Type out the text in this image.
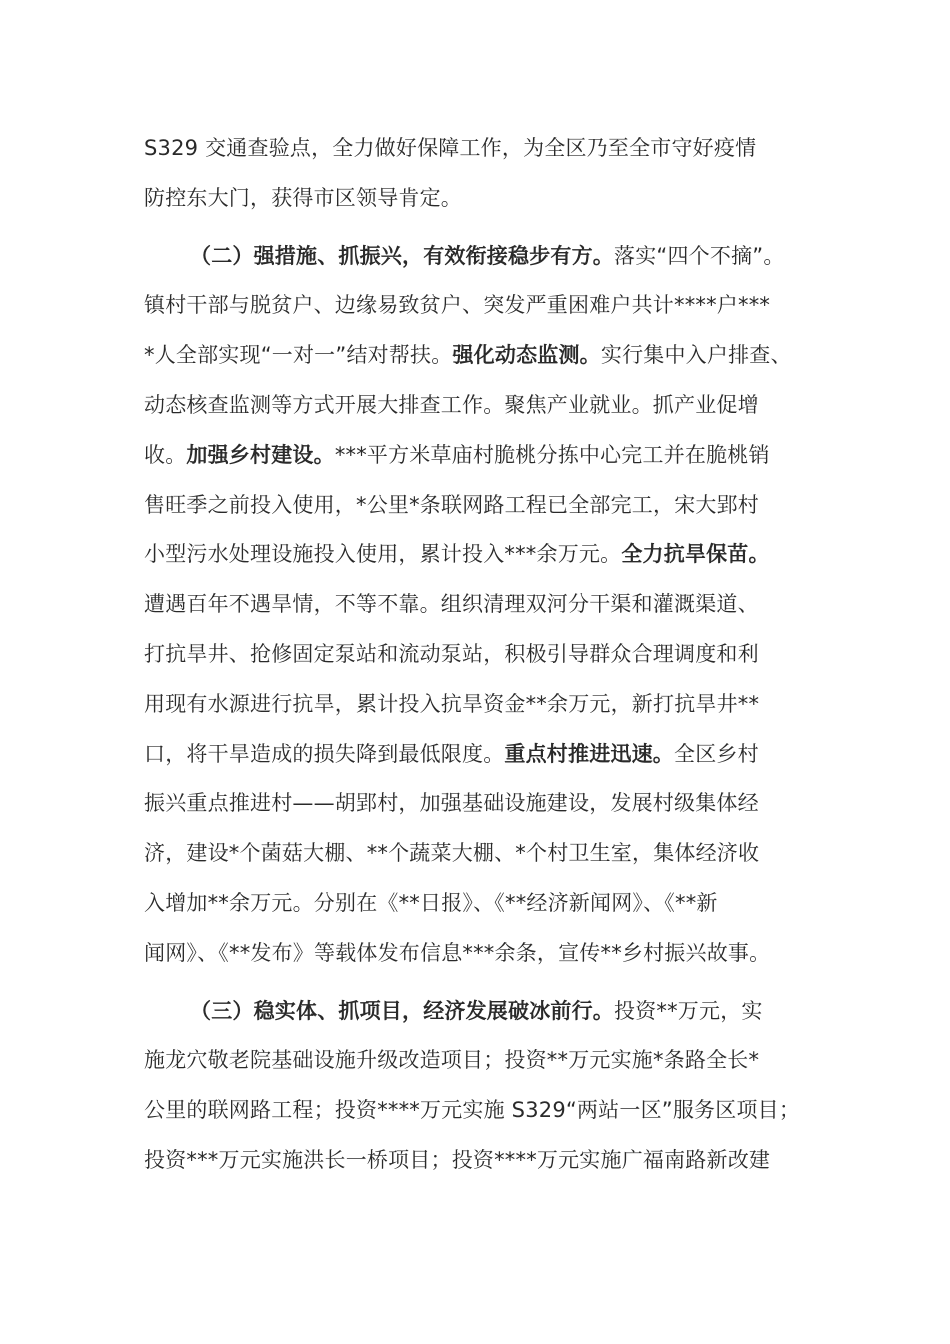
S329 交通查验点，全力做好保障工作，为全区乃至全市守好疫情
防控东大门，获得市区领导肯定。

（二）强措施、抓振兴，有效衔接稳步有方。落实“四个不摘”。
镇村干部与脱贫户、边缘易致贫户、突发严重困难户共计****户***
*人全部实现“一对一”结对帮扶。强化动态监测。实行集中入户排查、
动态核查监测等方式开展大排查工作。聚焦产业就业。抓产业促增
收。加强乡村建设。***平方米草庙村脆桃分拣中心完工并在脆桃销
售旺季之前投入使用，*公里*条联网路工程已全部完工，宋大郢村
小型污水处理设施投入使用，累计投入***余万元。全力抗旱保苗。
遭遇百年不遇旱情，不等不靠。组织清理双河分干渠和灌溉渠道、
打抗旱井、抢修固定泵站和流动泵站，积极引导群众合理调度和利
用现有水源进行抗旱，累计投入抗旱资金**余万元，新打抗旱井**
口，将干旱造成的损失降到最低限度。重点村推进迅速。全区乡村
振兴重点推进村——胡郢村，加强基础设施建设，发展村级集体经
济，建设*个菌菇大棚、**个蔬菜大棚、*个村卫生室，集体经济收
入增加**余万元。分别在《**日报》、《**经济新闻网》、《**新
闻网》、《**发布》等载体发布信息***余条，宣传**乡村振兴故事。

（三）稳实体、抓项目，经济发展破冰前行。投资**万元，实
施龙穴敬老院基础设施升级改造项目；投资**万元实施*条路全长*
公里的联网路工程；投资****万元实施 S329“两站一区”服务区项目；
投资***万元实施洪长一桥项目；投资****万元实施广福南路新改建
